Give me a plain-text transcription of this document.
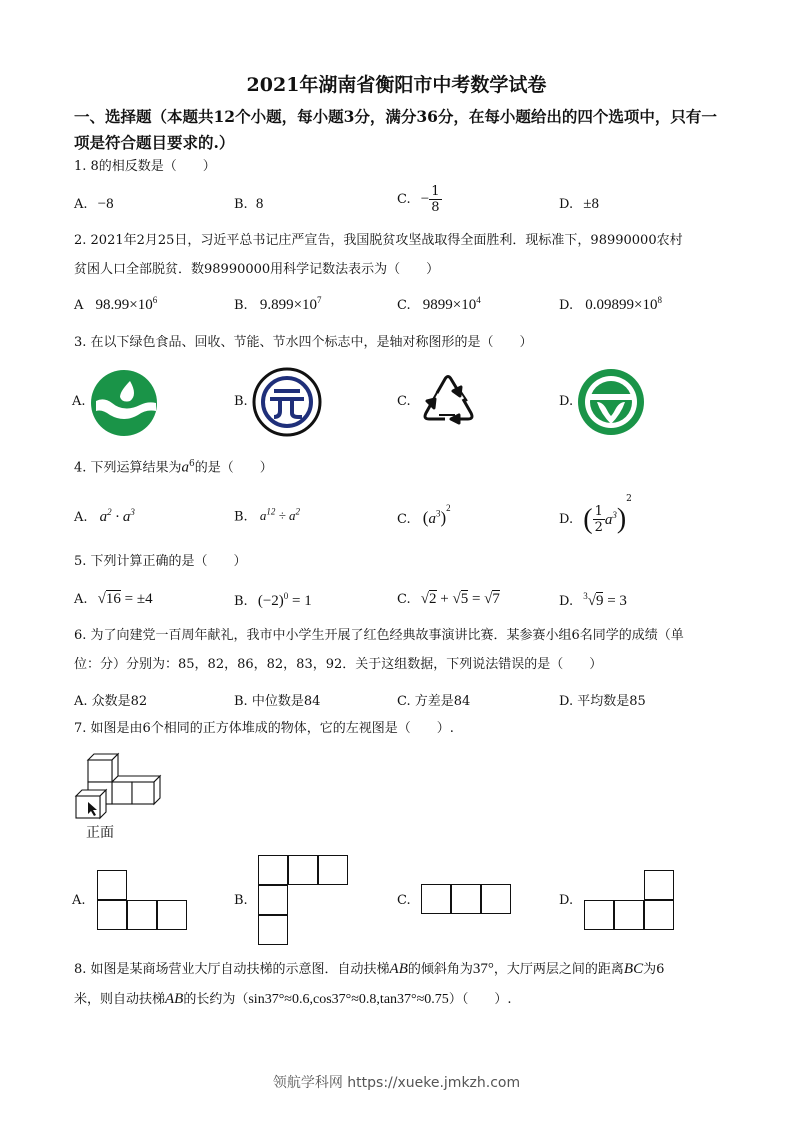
2021年湖南省衡阳市中考数学试卷
一、选择题（本题共12个小题，每小题3分，满分36分，在每小题给出的四个选项中，只有一项是符合题目要求的.）
1. 8的相反数是（　　）
A. −8	B. 8	C. − $\frac{1}{8}$	D. ±8
2. 2021年2月25日，习近平总书记庄严宣告，我国脱贫攻坚战取得全面胜利．现标准下，98990000农村
贫困人口全部脱贫．数98990000用科学记数法表示为（　　）
A $98.99\times 10^6$	B. $9.899\times 10^7$	C. $9899\times 10^4$	D. $0.09899\times 10^8$
3. 在以下绿色食品、回收、节能、节水四个标志中，是轴对称图形的是（　　）
A.	B.	C.	D.
4. 下列运算结果为$a^6$的是（　　）
A. $a^2 \cdot a^3$	B. $a^{12} \div a^2$	C. $(a^3)^2$
D. ( $\frac{1}{2} a^3)^2$
5. 下列计算正确的是（　　）
A. √16 = ±4	B. $(-2)^0 = 1$	C. √2 + √5 = √7	D. $^3$√9 = 3
6. 为了向建党一百周年献礼，我市中小学生开展了红色经典故事演讲比赛．某参赛小组6名同学的成绩（单
位：分）分别为：85，82，86，82，83，92．关于这组数据，下列说法错误的是（　　）
A. 众数是82	B. 中位数是84	C. 方差是84	D. 平均数是85
7. 如图是由6个相同的正方体堆成的物体，它的左视图是（　　）.
正面
A.	B.	C.	D.
8. 如图是某商场营业大厅自动扶梯的示意图．自动扶梯AB的倾斜角为37°，大厅两层之间的距离BC为6
米，则自动扶梯AB的长约为（sin37°≈0.6,cos37°≈0.8,tan37°≈0.75）（　　）.
领航学科网 https://xueke.jmkzh.com
